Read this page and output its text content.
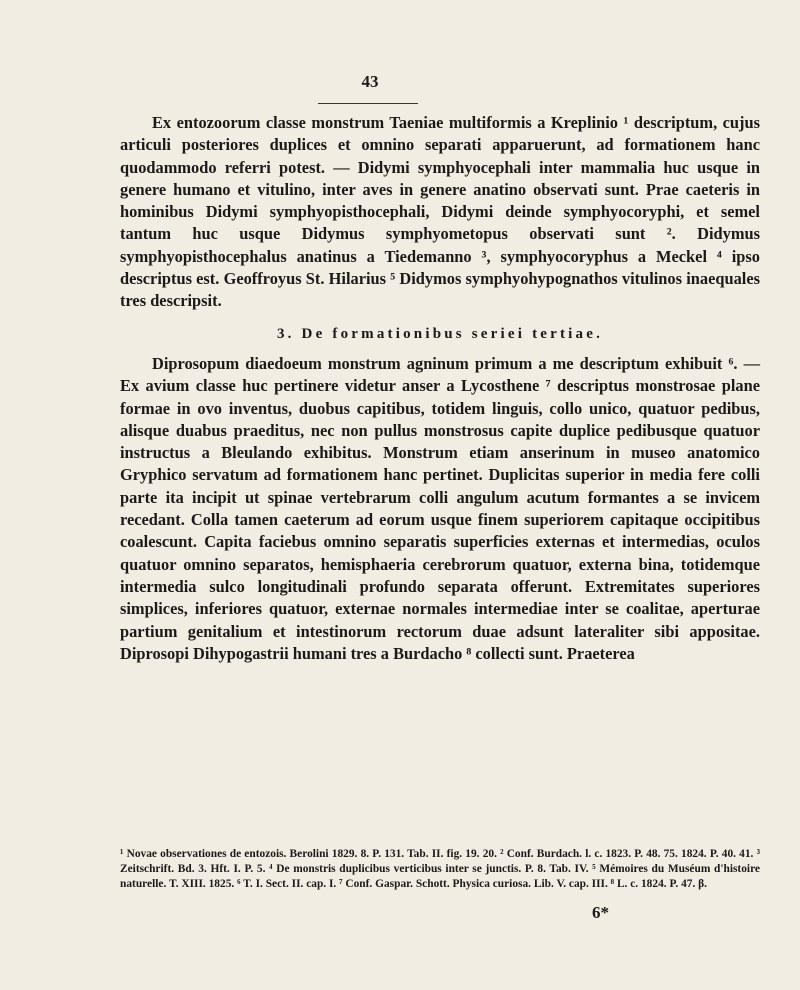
43

Ex entozoorum classe monstrum Taeniae multiformis a Kreplinio ¹ descriptum, cujus articuli posteriores duplices et omnino separati apparuerunt, ad formationem hanc quodammodo referri potest. — Didymi symphyocephali inter mammalia huc usque in genere humano et vitulino, inter aves in genere anatino observati sunt. Prae caeteris in hominibus Didymi symphyopisthocephali, Didymi deinde symphyocoryphi, et semel tantum huc usque Didymus symphyometopus observati sunt ². Didymus symphyopisthocephalus anatinus a Tiedemanno ³, symphyocoryphus a Meckel ⁴ ipso descriptus est. Geoffroyus St. Hilarius ⁵ Didymos symphyohypognathos vitulinos inaequales tres descripsit.

3. De formationibus seriei tertiae.

Diprosopum diaedoeum monstrum agninum primum a me descriptum exhibuit ⁶. — Ex avium classe huc pertinere videtur anser a Lycosthene ⁷ descriptus monstrosae plane formae in ovo inventus, duobus capitibus, totidem linguis, collo unico, quatuor pedibus, alisque duabus praeditus, nec non pullus monstrosus capite duplice pedibusque quatuor instructus a Bleulando exhibitus. Monstrum etiam anserinum in museo anatomico Gryphico servatum ad formationem hanc pertinet. Duplicitas superior in media fere colli parte ita incipit ut spinae vertebrarum colli angulum acutum formantes a se invicem recedant. Colla tamen caeterum ad eorum usque finem superiorem capitaque occipitibus coalescunt. Capita faciebus omnino separatis superficies externas et intermedias, oculos quatuor omnino separatos, hemisphaeria cerebrorum quatuor, externa bina, totidemque intermedia sulco longitudinali profundo separata offerunt. Extremitates superiores simplices, inferiores quatuor, externae normales intermediae inter se coalitae, aperturae partium genitalium et intestinorum rectorum duae adsunt lateraliter sibi appositae. Diprosopi Dihypogastrii humani tres a Burdacho ⁸ collecti sunt. Praeterea

¹ Novae observationes de entozois. Berolini 1829. 8. P. 131. Tab. II. fig. 19. 20. ² Conf. Burdach. l. c. 1823. P. 48. 75. 1824. P. 40. 41. ³ Zeitschrift. Bd. 3. Hft. I. P. 5. ⁴ De monstris duplicibus verticibus inter se junctis. P. 8. Tab. IV. ⁵ Mémoires du Muséum d'histoire naturelle. T. XIII. 1825. ⁶ T. I. Sect. II. cap. I. ⁷ Conf. Gaspar. Schott. Physica curiosa. Lib. V. cap. III. ⁸ L. c. 1824. P. 47. β.
6*
